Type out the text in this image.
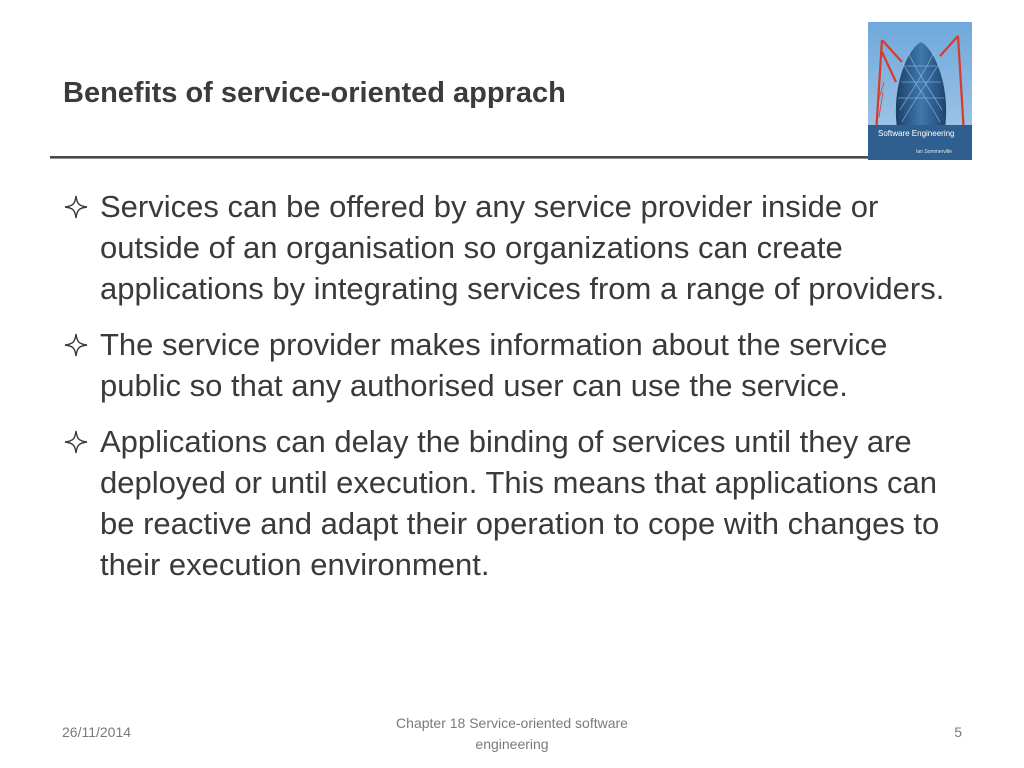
Benefits of service-oriented apprach
Software Engineering
Ian Sommerville
Services can be offered by any service provider inside or outside of an organisation so organizations can create applications by integrating services from a range of providers.
The service provider makes information about the service public so that any authorised user can use the service.
Applications can delay the binding of services until they are deployed or until execution. This means that applications can be reactive and adapt their operation to cope with changes to their execution environment.
26/11/2014
Chapter 18 Service-oriented software engineering
5
